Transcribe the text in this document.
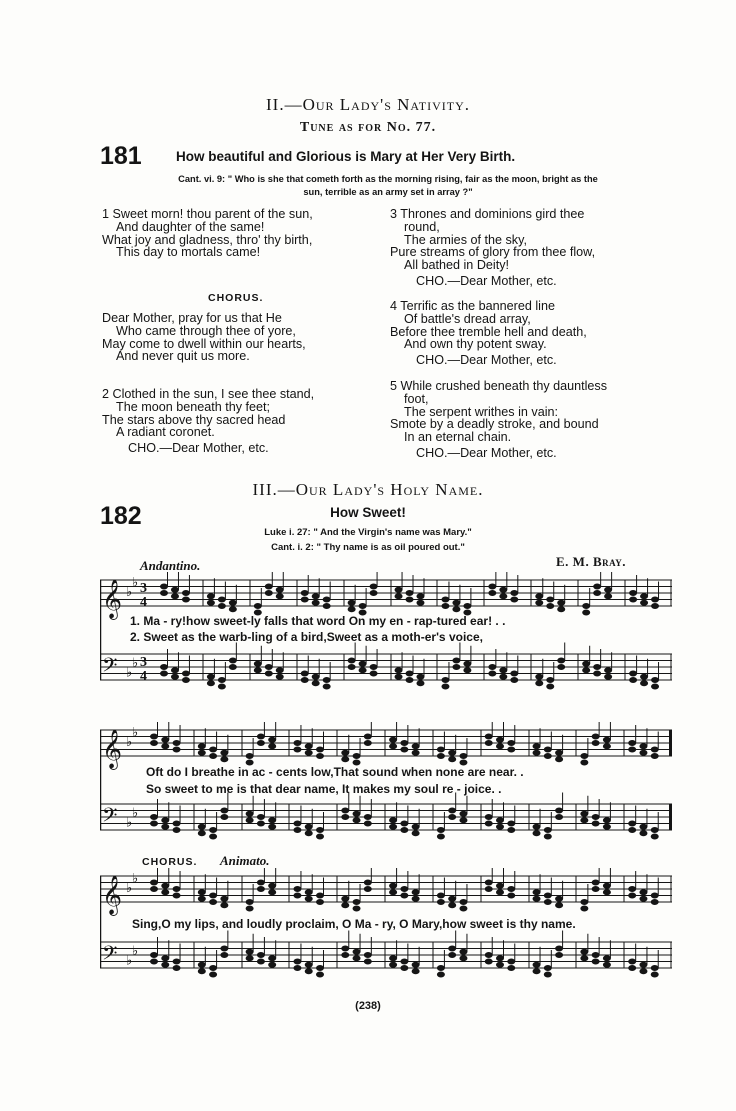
II.—Our Lady's Nativity.
Tune as for No. 77.
181	How beautiful and Glorious is Mary at Her Very Birth.
Cant. vi. 9: " Who is she that cometh forth as the morning rising, fair as the moon, bright as the
sun, terrible as an army set in array ?"
1 Sweet morn! thou parent of the sun,
And daughter of the same!
What joy and gladness, thro' thy birth,
This day to mortals came!
CHORUS.
Dear Mother, pray for us that He
Who came through thee of yore,
May come to dwell within our hearts,
And never quit us more.
2 Clothed in the sun, I see thee stand,
The moon beneath thy feet;
The stars above thy sacred head
A radiant coronet.
CHO.—Dear Mother, etc.
3 Thrones and dominions gird thee
round,
The armies of the sky,
Pure streams of glory from thee flow,
All bathed in Deity!
CHO.—Dear Mother, etc.
4 Terrific as the bannered line
Of battle's dread array,
Before thee tremble hell and death,
And own thy potent sway.
CHO.—Dear Mother, etc.
5 While crushed beneath thy dauntless
foot,
The serpent writhes in vain:
Smote by a deadly stroke, and bound
In an eternal chain.
CHO.—Dear Mother, etc.
III.—Our Lady's Holy Name.
182	How Sweet!
Luke i. 27: " And the Virgin's name was Mary."
Cant. i. 2: " Thy name is as oil poured out."
E. M. Bray.
Andantino.
𝄞
𝄢
♭
♭
♭
♭
3
4
3
4
1. Ma - ry!how sweet-ly falls that word On my en - rap-tured ear! . .
2. Sweet as the warb-ling of a bird,Sweet as a moth-er's voice,
𝄞
𝄢
♭
♭
♭
♭
Oft do I breathe in ac - cents low,That sound when none are near. .
So sweet to me is that dear name, It makes my soul re - joice. .
CHORUS. Animato.
𝄞
𝄢
♭
♭
♭
♭
Sing,O my lips, and loudly proclaim, O Ma - ry, O Mary,how sweet is thy name.
(238)
